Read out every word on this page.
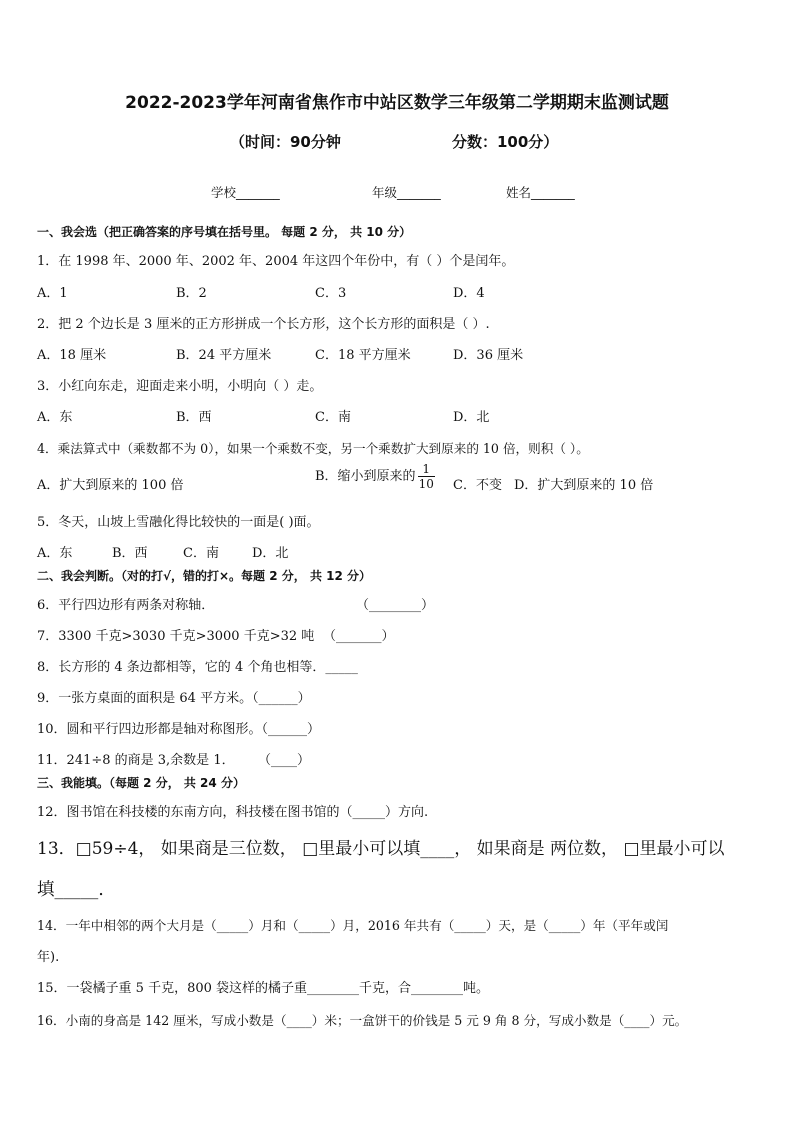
2022-2023学年河南省焦作市中站区数学三年级第二学期期末监测试题
（时间：90分钟	分数：100分）
学校_______	年级_______	姓名_______
一、我会选（把正确答案的序号填在括号里。 每题 2 分， 共 10 分）
1．在 1998 年、2000 年、2002 年、2004 年这四个年份中，有（ ）个是闰年。
A．1	B．2	C．3	D．4
2．把 2 个边长是 3 厘米的正方形拼成一个长方形，这个长方形的面积是（ ）.
A．18 厘米	B．24 平方厘米	C．18 平方厘米	D．36 厘米
3．小红向东走，迎面走来小明，小明向（ ）走。
A．东	B．西	C．南	D．北
4．乘法算式中（乘数都不为 0），如果一个乘数不变，另一个乘数扩大到原来的 10 倍，则积（ ）。
A．扩大到原来的 100 倍
B．缩小到原来的 $\frac{1}{10}$ C．不变 D．扩大到原来的 10 倍
5．冬天，山坡上雪融化得比较快的一面是( )面。
A．东	B．西	C．南	D．北
二、我会判断。（对的打√，错的打×。每题 2 分， 共 12 分）
6．平行四边形有两条对称轴．	（________）
7．3300 千克>3030 千克>3000 千克>32 吨 （_______）
8．长方形的 4 条边都相等，它的 4 个角也相等．_____
9．一张方桌面的面积是 64 平方米。（______）
10．圆和平行四边形都是轴对称图形。（______）
11．241÷8 的商是 3,余数是 1． （____）
三、我能填。（每题 2 分， 共 24 分）
12．图书馆在科技楼的东南方向，科技楼在图书馆的（_____）方向.
13．□59÷4， 如果商是三位数， □里最小可以填____， 如果商是 两位数， □里最小可以
填_____.
14．一年中相邻的两个大月是（_____）月和（_____）月，2016 年共有（_____）天，是（_____）年（平年或闰
年).
15．一袋橘子重 5 千克，800 袋这样的橘子重________千克，合________吨。
16．小南的身高是 142 厘米，写成小数是（____）米；一盒饼干的价钱是 5 元 9 角 8 分，写成小数是（____）元。
